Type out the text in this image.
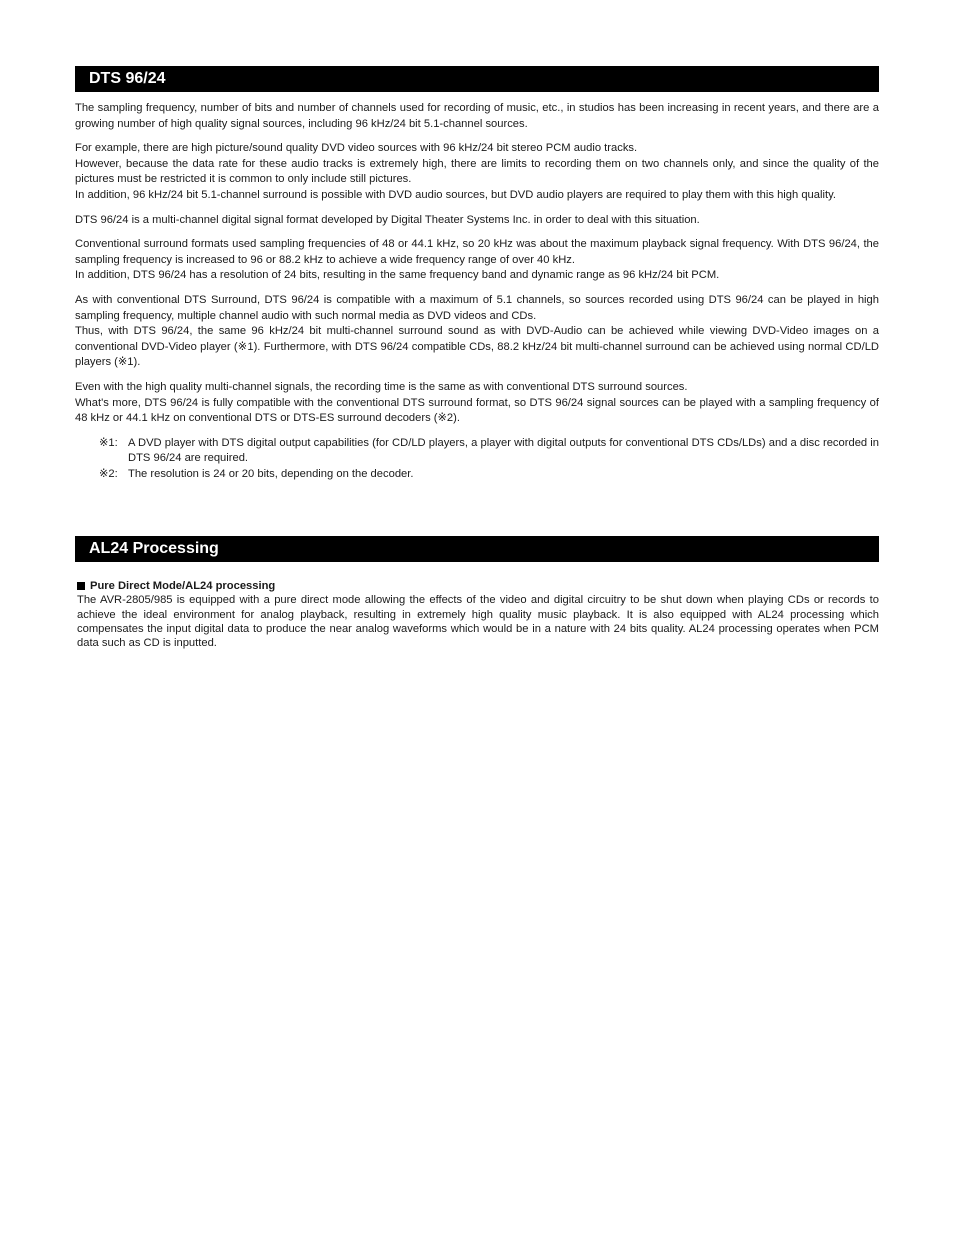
DTS 96/24

The sampling frequency, number of bits and number of channels used for recording of music, etc., in studios has been increasing in recent years, and there are a growing number of high quality signal sources, including 96 kHz/24 bit 5.1-channel sources.

For example, there are high picture/sound quality DVD video sources with 96 kHz/24 bit stereo PCM audio tracks.

However, because the data rate for these audio tracks is extremely high, there are limits to recording them on two channels only, and since the quality of the pictures must be restricted it is common to only include still pictures.

In addition, 96 kHz/24 bit 5.1-channel surround is possible with DVD audio sources, but DVD audio players are required to play them with this high quality.

DTS 96/24 is a multi-channel digital signal format developed by Digital Theater Systems Inc. in order to deal with this situation.

Conventional surround formats used sampling frequencies of 48 or 44.1 kHz, so 20 kHz was about the maximum playback signal frequency. With DTS 96/24, the sampling frequency is increased to 96 or 88.2 kHz to achieve a wide frequency range of over 40 kHz.

In addition, DTS 96/24 has a resolution of 24 bits, resulting in the same frequency band and dynamic range as 96 kHz/24 bit PCM.

As with conventional DTS Surround, DTS 96/24 is compatible with a maximum of 5.1 channels, so sources recorded using DTS 96/24 can be played in high sampling frequency, multiple channel audio with such normal media as DVD videos and CDs.

Thus, with DTS 96/24, the same 96 kHz/24 bit multi-channel surround sound as with DVD-Audio can be achieved while viewing DVD-Video images on a conventional DVD-Video player (※1). Furthermore, with DTS 96/24 compatible CDs, 88.2 kHz/24 bit multi-channel surround can be achieved using normal CD/LD players (※1).

Even with the high quality multi-channel signals, the recording time is the same as with conventional DTS surround sources.

What's more, DTS 96/24 is fully compatible with the conventional DTS surround format, so DTS 96/24 signal sources can be played with a sampling frequency of 48 kHz or 44.1 kHz on conventional DTS or DTS-ES surround decoders (※2).

※1: A DVD player with DTS digital output capabilities (for CD/LD players, a player with digital outputs for conventional DTS CDs/LDs) and a disc recorded in DTS 96/24 are required.
※2: The resolution is 24 or 20 bits, depending on the decoder.
AL24 Processing
Pure Direct Mode/AL24 processing

The AVR-2805/985 is equipped with a pure direct mode allowing the effects of the video and digital circuitry to be shut down when playing CDs or records to achieve the ideal environment for analog playback, resulting in extremely high quality music playback. It is also equipped with AL24 processing which compensates the input digital data to produce the near analog waveforms which would be in a nature with 24 bits quality. AL24 processing operates when PCM data such as CD is inputted.
